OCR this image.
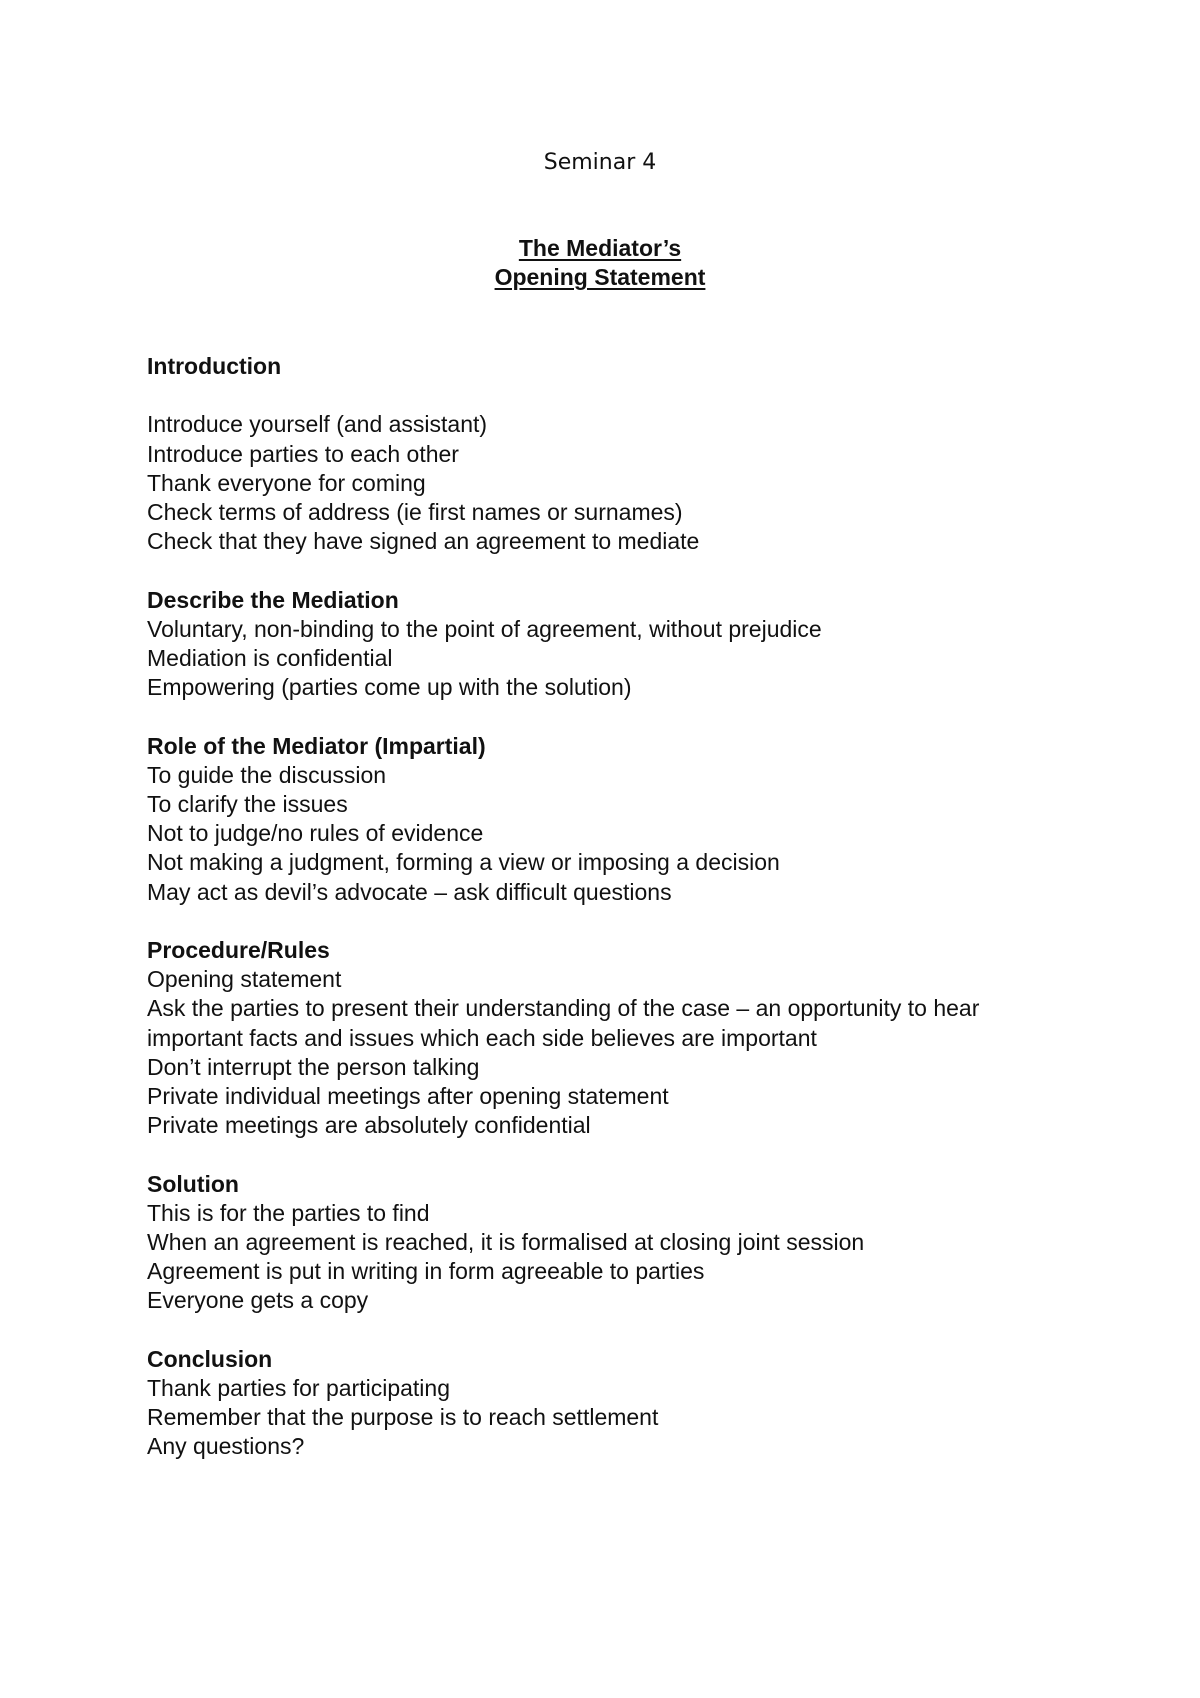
Seminar 4
The Mediator’s
Opening Statement

Introduction

Introduce yourself (and assistant)

Introduce parties to each other

Thank everyone for coming

Check terms of address (ie first names or surnames)

Check that they have signed an agreement to mediate

Describe the Mediation

Voluntary, non-binding to the point of agreement, without prejudice

Mediation is confidential

Empowering (parties come up with the solution)

Role of the Mediator (Impartial)

To guide the discussion

To clarify the issues

Not to judge/no rules of evidence

Not making a judgment, forming a view or imposing a decision

May act as devil’s advocate – ask difficult questions

Procedure/Rules

Opening statement

Ask the parties to present their understanding of the case – an opportunity to hear important facts and issues which each side believes are important

Don’t interrupt the person talking

Private individual meetings after opening statement

Private meetings are absolutely confidential

Solution

This is for the parties to find

When an agreement is reached, it is formalised at closing joint session

Agreement is put in writing in form agreeable to parties

Everyone gets a copy

Conclusion

Thank parties for participating

Remember that the purpose is to reach settlement

Any questions?
